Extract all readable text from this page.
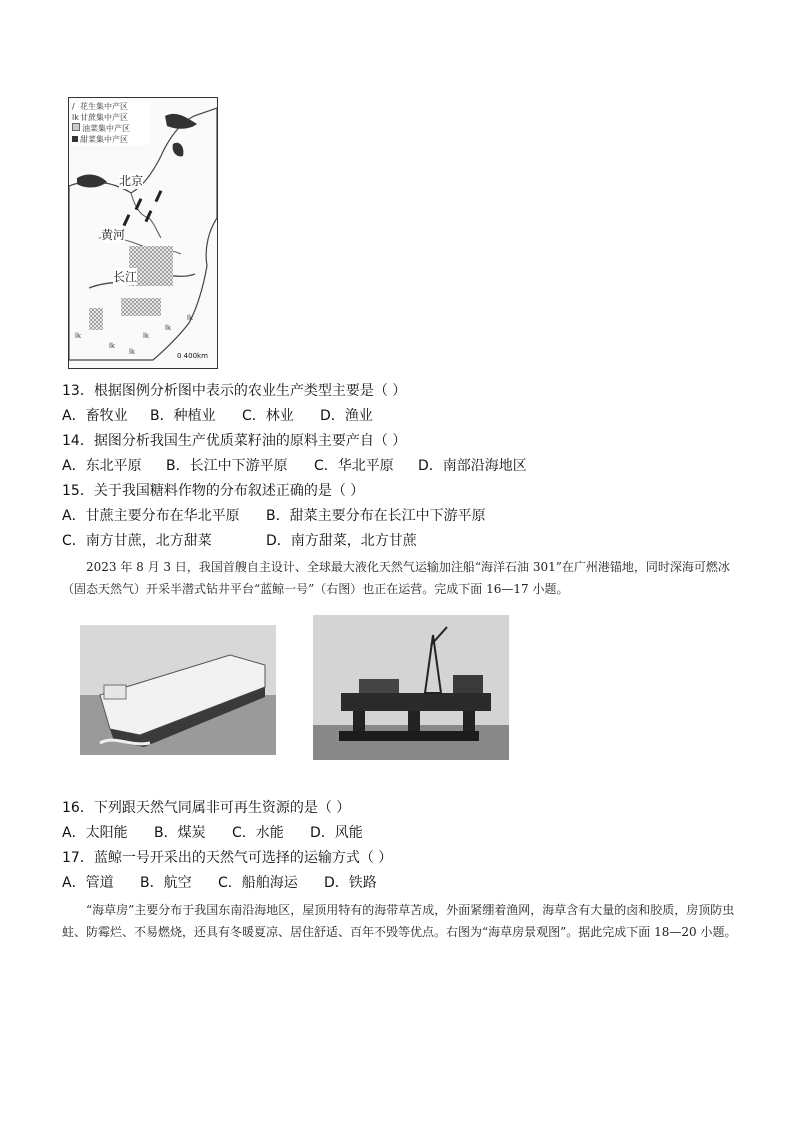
lk
lk
lk
lk
lk
lk
/ 花生集中产区
lk甘蔗集中产区
油菜集中产区
甜菜集中产区
北京
黄河
长江
0 400km
13．根据图例分析图中表示的农业生产类型主要是（ ）
A．畜牧业 B．种植业 C．林业 D．渔业
14．据图分析我国生产优质菜籽油的原料主要产自（ ）
A．东北平原 B．长江中下游平原 C．华北平原 D．南部沿海地区
15．关于我国糖料作物的分布叙述正确的是（ ）
A．甘蔗主要分布在华北平原 B．甜菜主要分布在长江中下游平原
C．南方甘蔗，北方甜菜	D．南方甜菜，北方甘蔗

2023 年 8 月 3 日，我国首艘自主设计、全球最大液化天然气运输加注船“海洋石油 301”在广州港锚地，同时深海可燃冰（固态天然气）开采半潜式钻井平台“蓝鲸一号”（右图）也正在运营。完成下面 16—17 小题。

16．下列跟天然气同属非可再生资源的是（ ）
A．太阳能 B．煤炭 C．水能 D．风能
17．蓝鲸一号开采出的天然气可选择的运输方式（ ）
A．管道 B．航空 C．船舶海运 D．铁路

“海草房”主要分布于我国东南沿海地区，屋顶用特有的海带草苫成，外面紧绷着渔网，海草含有大量的卤和胶质，房顶防虫蛀、防霉烂、不易燃烧，还具有冬暖夏凉、居住舒适、百年不毁等优点。右图为“海草房景观图”。据此完成下面 18—20 小题。
